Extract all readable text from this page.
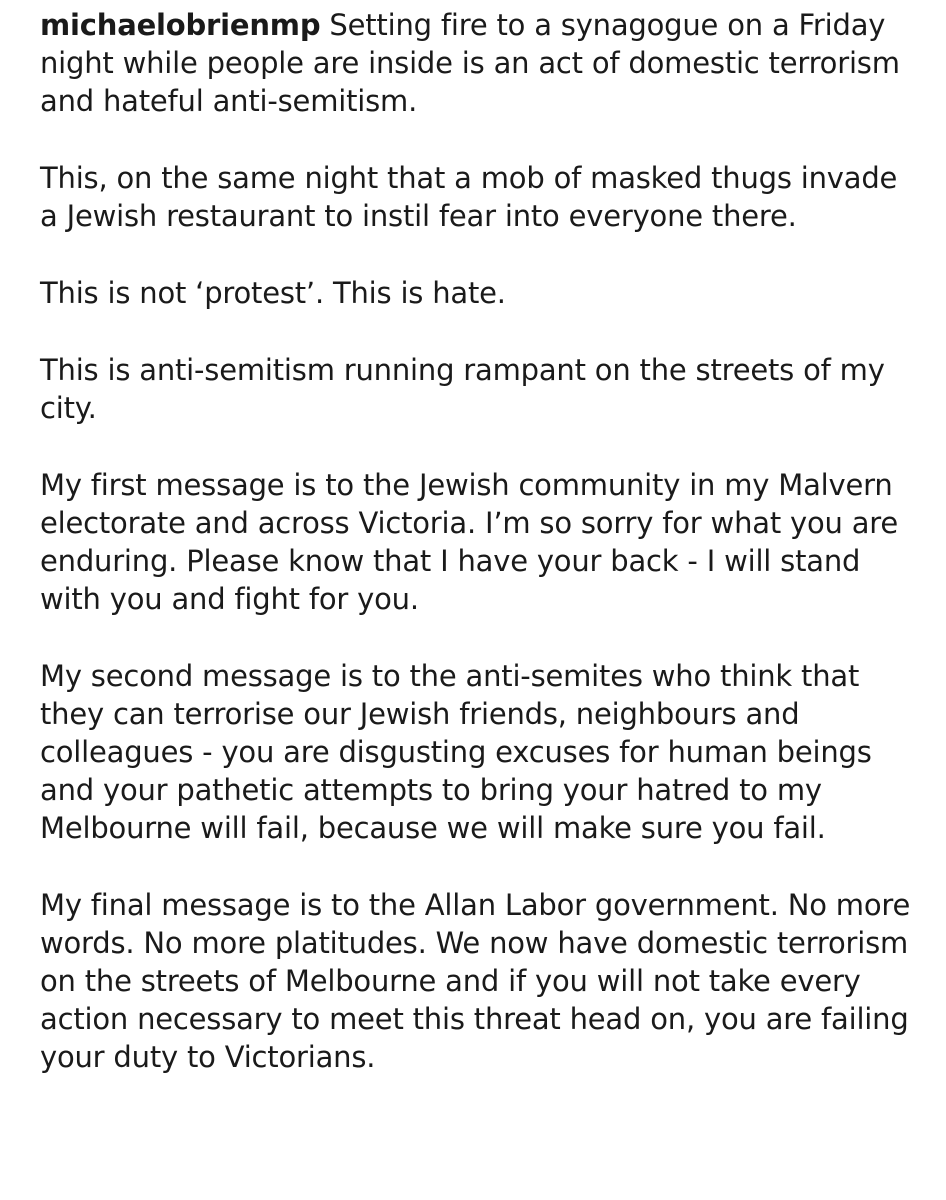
michaelobrienmp Setting fire to a synagogue on a Friday night while people are inside is an act of domestic terrorism and hateful anti-semitism.

This, on the same night that a mob of masked thugs invade a Jewish restaurant to instil fear into everyone there.

This is not ‘protest’. This is hate.

This is anti-semitism running rampant on the streets of my city.

My first message is to the Jewish community in my Malvern electorate and across Victoria. I’m so sorry for what you are enduring. Please know that I have your back - I will stand with you and fight for you.

My second message is to the anti-semites who think that they can terrorise our Jewish friends, neighbours and colleagues - you are disgusting excuses for human beings and your pathetic attempts to bring your hatred to my Melbourne will fail, because we will make sure you fail.

My final message is to the Allan Labor government. No more words. No more platitudes. We now have domestic terrorism on the streets of Melbourne and if you will not take every action necessary to meet this threat head on, you are failing your duty to Victorians.
